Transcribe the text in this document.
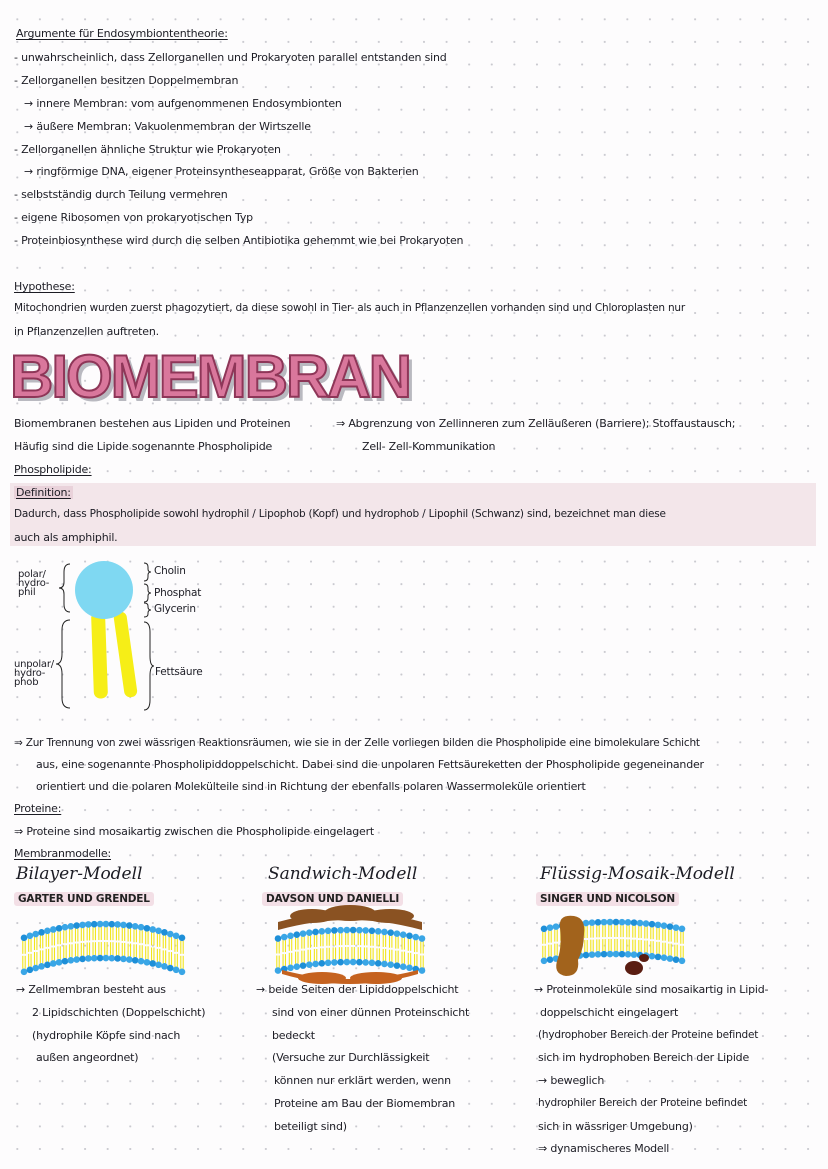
Argumente für Endosymbiontentheorie:
- unwahrscheinlich, dass Zellorganellen und Prokaryoten parallel entstanden sind
- Zellorganellen besitzen Doppelmembran
→ innere Membran: vom aufgenommenen Endosymbionten
→ äußere Membran: Vakuolenmembran der Wirtszelle
- Zellorganellen ähnliche Struktur wie Prokaryoten
→ ringförmige DNA, eigener Proteinsyntheseapparat, Größe von Bakterien
- selbstständig durch Teilung vermehren
- eigene Ribosomen von prokaryotischen Typ
- Proteinbiosynthese wird durch die selben Antibiotika gehemmt wie bei Prokaryoten
Hypothese:
Mitochondrien wurden zuerst phagozytiert, da diese sowohl in Tier- als auch in Pflanzenzellen vorhanden sind und Chloroplasten nur
in Pflanzenzellen auftreten.
BIOMEMBRAN
Biomembranen bestehen aus Lipiden und Proteinen
Häufig sind die Lipide sogenannte Phospholipide
⇒ Abgrenzung von Zellinneren zum Zelläußeren (Barriere); Stoffaustausch;
Zell- Zell-Kommunikation
Phospholipide:
Definition:
Dadurch, dass Phospholipide sowohl hydrophil / Lipophob (Kopf) und hydrophob / Lipophil (Schwanz) sind, bezeichnet man diese
auch als amphiphil.
polar/ hydro- phil
unpolar/ hydro- phob
Cholin
Phosphat
Glycerin
Fettsäure
⇒ Zur Trennung von zwei wässrigen Reaktionsräumen, wie sie in der Zelle vorliegen bilden die Phospholipide eine bimolekulare Schicht
aus, eine sogenannte Phospholipiddoppelschicht. Dabei sind die unpolaren Fettsäureketten der Phospholipide gegeneinander
orientiert und die polaren Molekülteile sind in Richtung der ebenfalls polaren Wassermoleküle orientiert
Proteine:
⇒ Proteine sind mosaikartig zwischen die Phospholipide eingelagert
Membranmodelle:
Bilayer-Modell	Sandwich-Modell	Flüssig-Mosaik-Modell
GARTER UND GRENDEL	DAVSON UND DANIELLI	SINGER UND NICOLSON
→ Zellmembran besteht aus
2 Lipidschichten (Doppelschicht)
(hydrophile Köpfe sind nach
außen angeordnet)
→ beide Seiten der Lipiddoppelschicht
sind von einer dünnen Proteinschicht
bedeckt
(Versuche zur Durchlässigkeit
können nur erklärt werden, wenn
Proteine am Bau der Biomembran
beteiligt sind)
→ Proteinmoleküle sind mosaikartig in Lipid-
doppelschicht eingelagert
(hydrophober Bereich der Proteine befindet
sich im hydrophoben Bereich der Lipide
→ beweglich
hydrophiler Bereich der Proteine befindet
sich in wässriger Umgebung)
⇒ dynamischeres Modell
